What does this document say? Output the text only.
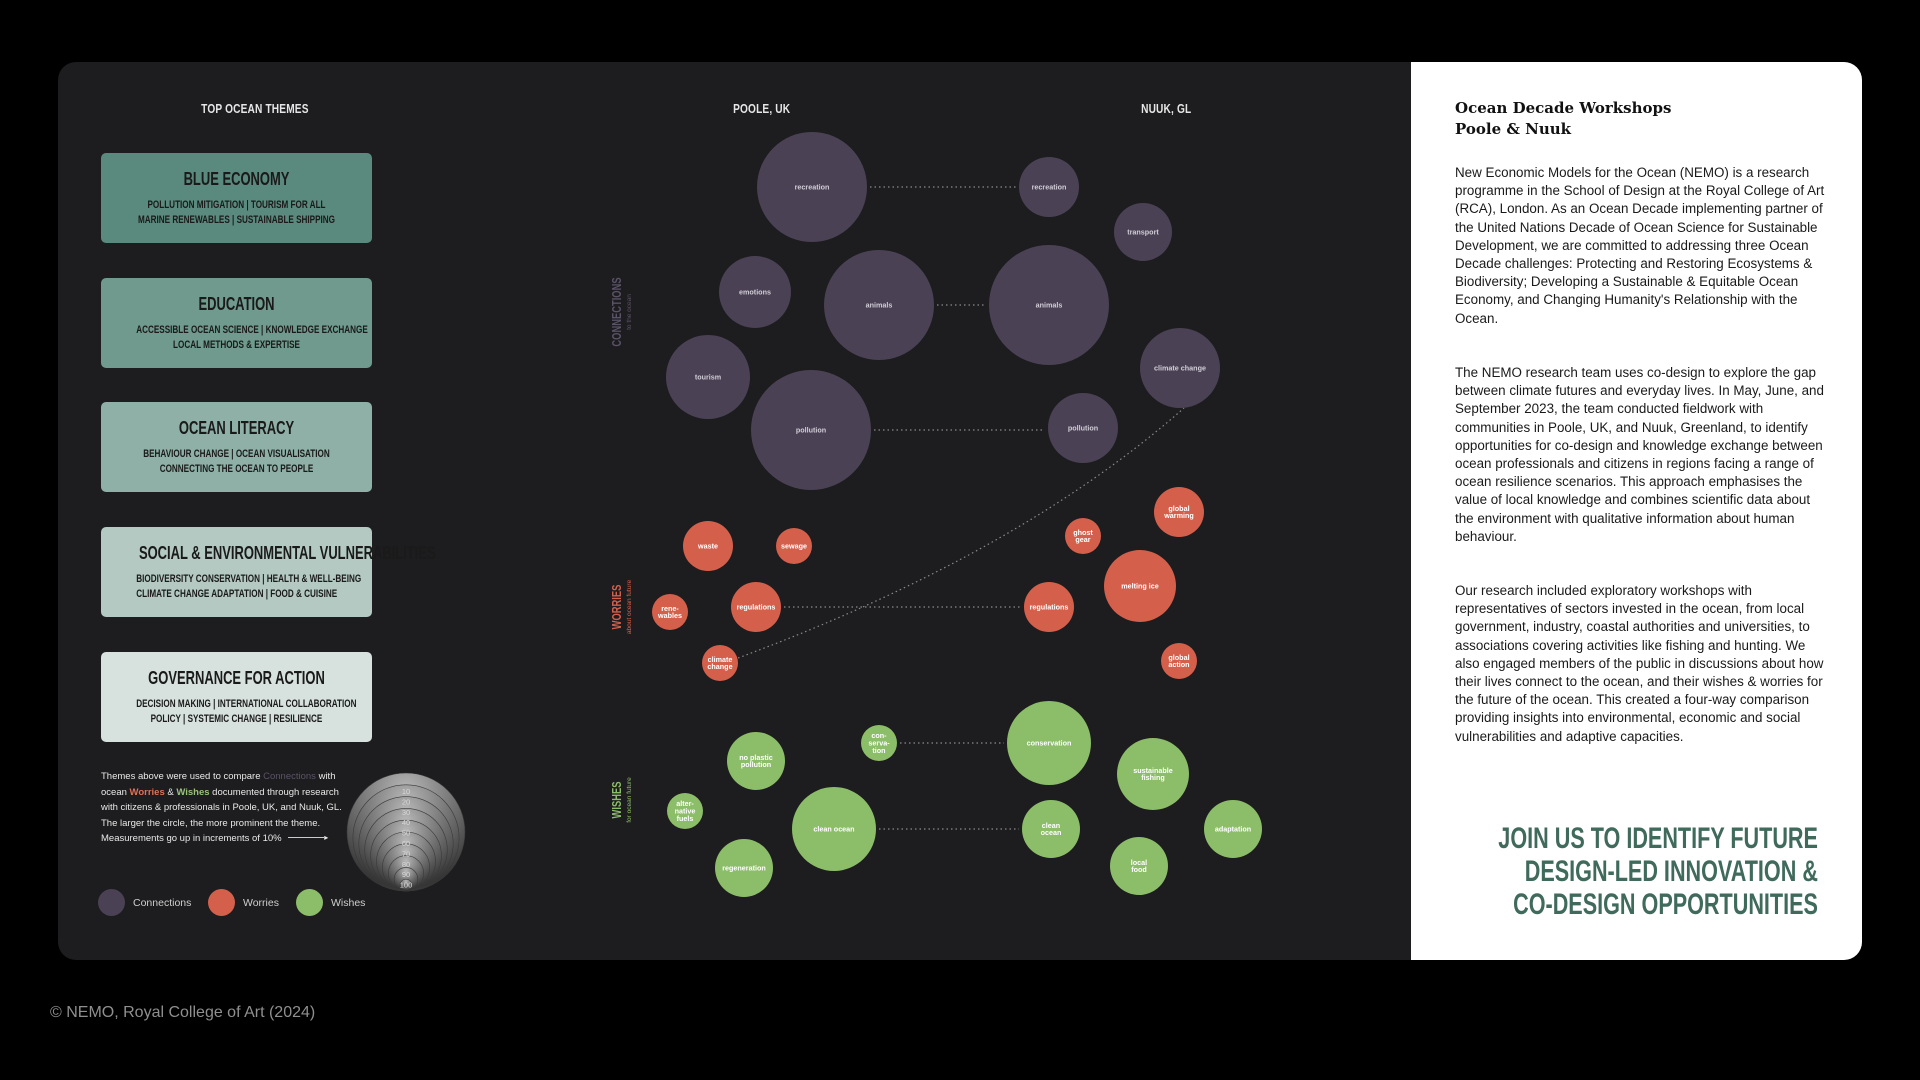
TOP OCEAN THEMES
BLUE ECONOMY
POLLUTION MITIGATION | TOURISM FOR ALL
MARINE RENEWABLES | SUSTAINABLE SHIPPING
EDUCATION
ACCESSIBLE OCEAN SCIENCE | KNOWLEDGE EXCHANGE
LOCAL METHODS & EXPERTISE
OCEAN LITERACY
BEHAVIOUR CHANGE | OCEAN VISUALISATION
CONNECTING THE OCEAN TO PEOPLE
SOCIAL & ENVIRONMENTAL VULNERABILITIES
BIODIVERSITY CONSERVATION | HEALTH & WELL-BEING
CLIMATE CHANGE ADAPTATION | FOOD & CUISINE
GOVERNANCE FOR ACTION
DECISION MAKING | INTERNATIONAL COLLABORATION
POLICY | SYSTEMIC CHANGE | RESILIENCE
Themes above were used to compare Connections with ocean Worries & Wishes documented through research with citizens & professionals in Poole, UK, and Nuuk, GL. The larger the circle, the more prominent the theme. Measurements go up in increments of 10%	▸
10
20
30
40
50
60
70
80
90
100
Connections	Worries	Wishes
POOLE, UK	NUUK, GL
recreation
emotions
animals
tourism
pollution
recreation
transport
animals
climate change
pollution
waste	sewage
rene-wables
regulations
climate change
global warming
ghost gear
melting ice
regulations
global action
no plastic pollution
con-serva-tion
alter-native fuels
clean ocean
regeneration
conservation
sustainable fishing
clean ocean	adaptation
local food
CONNECTIONS to the ocean
WORRIES about ocean future
WISHES for ocean future
Ocean Decade Workshops
Poole & Nuuk
New Economic Models for the Ocean (NEMO) is a research programme in the School of Design at the Royal College of Art (RCA), London. As an Ocean Decade implementing partner of the United Nations Decade of Ocean Science for Sustainable Development, we are committed to addressing three Ocean Decade challenges: Protecting and Restoring Ecosystems & Biodiversity; Developing a Sustainable & Equitable Ocean Economy, and Changing Humanity's Relationship with the Ocean.
The NEMO research team uses co-design to explore the gap between climate futures and everyday lives. In May, June, and September 2023, the team conducted fieldwork with communities in Poole, UK, and Nuuk, Greenland, to identify opportunities for co-design and knowledge exchange between ocean professionals and citizens in regions facing a range of ocean resilience scenarios. This approach emphasises the value of local knowledge and combines scientific data about the environment with qualitative information about human behaviour.
Our research included exploratory workshops with representatives of sectors invested in the ocean, from local government, industry, coastal authorities and universities, to associations covering activities like fishing and hunting. We also engaged members of the public in discussions about how their lives connect to the ocean, and their wishes & worries for the future of the ocean. This created a four-way comparison providing insights into environmental, economic and social vulnerabilities and adaptive capacities.
JOIN US TO IDENTIFY FUTURE
DESIGN-LED INNOVATION &
CO-DESIGN OPPORTUNITIES
© NEMO, Royal College of Art (2024)
